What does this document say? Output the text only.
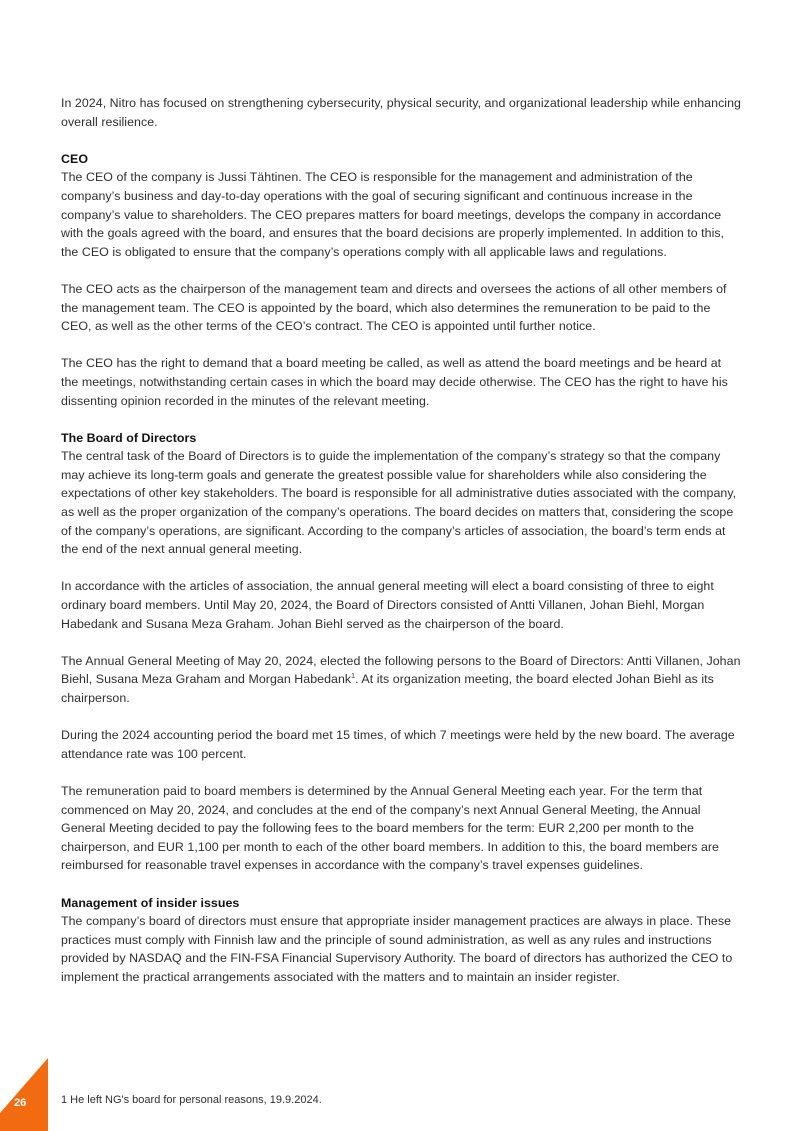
In 2024, Nitro has focused on strengthening cybersecurity, physical security, and organizational leadership while enhancing overall resilience.

CEO

The CEO of the company is Jussi Tähtinen. The CEO is responsible for the management and administration of the company’s business and day-to-day operations with the goal of securing significant and continuous increase in the company’s value to shareholders. The CEO prepares matters for board meetings, develops the company in accordance with the goals agreed with the board, and ensures that the board decisions are properly implemented. In addition to this, the CEO is obligated to ensure that the company’s operations comply with all applicable laws and regulations.

The CEO acts as the chairperson of the management team and directs and oversees the actions of all other members of the management team. The CEO is appointed by the board, which also determines the remuneration to be paid to the CEO, as well as the other terms of the CEO’s contract. The CEO is appointed until further notice.

The CEO has the right to demand that a board meeting be called, as well as attend the board meetings and be heard at the meetings, notwithstanding certain cases in which the board may decide otherwise. The CEO has the right to have his dissenting opinion recorded in the minutes of the relevant meeting.

The Board of Directors

The central task of the Board of Directors is to guide the implementation of the company’s strategy so that the company may achieve its long-term goals and generate the greatest possible value for shareholders while also considering the expectations of other key stakeholders. The board is responsible for all administrative duties associated with the company, as well as the proper organization of the company’s operations. The board decides on matters that, considering the scope of the company’s operations, are significant. According to the company’s articles of association, the board’s term ends at the end of the next annual general meeting.

In accordance with the articles of association, the annual general meeting will elect a board consisting of three to eight ordinary board members. Until May 20, 2024, the Board of Directors consisted of Antti Villanen, Johan Biehl, Morgan Habedank and Susana Meza Graham. Johan Biehl served as the chairperson of the board.

The Annual General Meeting of May 20, 2024, elected the following persons to the Board of Directors: Antti Villanen, Johan Biehl, Susana Meza Graham and Morgan Habedank$^1$. At its organization meeting, the board elected Johan Biehl as its chairperson.

During the 2024 accounting period the board met 15 times, of which 7 meetings were held by the new board. The average attendance rate was 100 percent.

The remuneration paid to board members is determined by the Annual General Meeting each year. For the term that commenced on May 20, 2024, and concludes at the end of the company’s next Annual General Meeting, the Annual General Meeting decided to pay the following fees to the board members for the term: EUR 2,200 per month to the chairperson, and EUR 1,100 per month to each of the other board members. In addition to this, the board members are reimbursed for reasonable travel expenses in accordance with the company’s travel expenses guidelines.

Management of insider issues

The company’s board of directors must ensure that appropriate insider management practices are always in place. These practices must comply with Finnish law and the principle of sound administration, as well as any rules and instructions provided by NASDAQ and the FIN-FSA Financial Supervisory Authority. The board of directors has authorized the CEO to implement the practical arrangements associated with the matters and to maintain an insider register.

26	1 He left NG's board for personal reasons, 19.9.2024.
